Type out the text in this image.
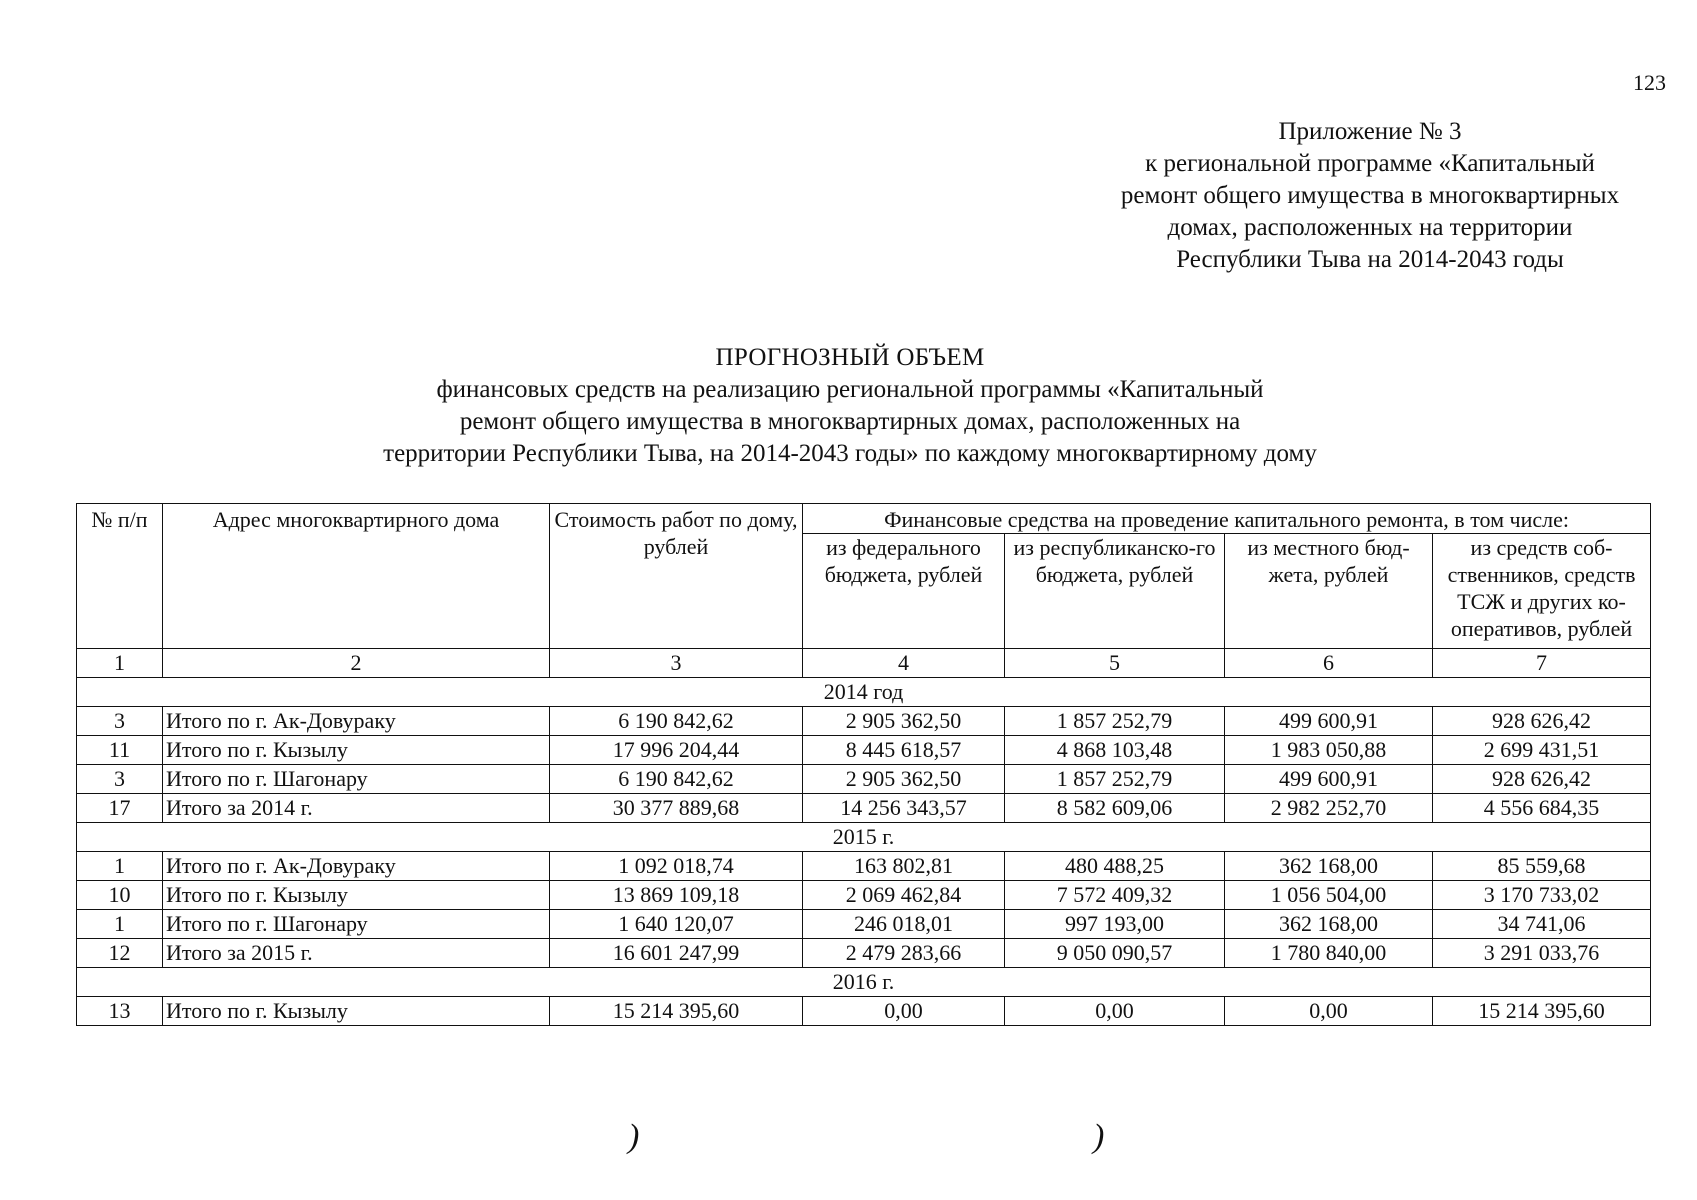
123
Приложение № 3
к региональной программе «Капитальный
ремонт общего имущества в многоквартирных
домах, расположенных на территории
Республики Тыва на 2014-2043 годы
ПРОГНОЗНЫЙ ОБЪЕМ
финансовых средств на реализацию региональной программы «Капитальный
ремонт общего имущества в многоквартирных домах, расположенных на
территории Республики Тыва, на 2014-2043 годы» по каждому многоквартирному дому
№ п/п	Адрес многоквартирного дома	Стоимость работ по дому, рублей	Финансовые средства на проведение капитального ремонта, в том числе:			
			из федерального бюджета, рублей	из республиканско-го бюджета, рублей	из местного бюд-жета, рублей	из средств соб-ственников, средств ТСЖ и других ко-оперативов, рублей
1	2	3	4	5	6	7
2014 год						
3	Итого по г. Ак-Довураку	6 190 842,62	2 905 362,50	1 857 252,79	499 600,91	928 626,42
11	Итого по г. Кызылу	17 996 204,44	8 445 618,57	4 868 103,48	1 983 050,88	2 699 431,51
3	Итого по г. Шагонару	6 190 842,62	2 905 362,50	1 857 252,79	499 600,91	928 626,42
17	Итого за 2014 г.	30 377 889,68	14 256 343,57	8 582 609,06	2 982 252,70	4 556 684,35
2015 г.						
1	Итого по г. Ак-Довураку	1 092 018,74	163 802,81	480 488,25	362 168,00	85 559,68
10	Итого по г. Кызылу	13 869 109,18	2 069 462,84	7 572 409,32	1 056 504,00	3 170 733,02
1	Итого по г. Шагонару	1 640 120,07	246 018,01	997 193,00	362 168,00	34 741,06
12	Итого за 2015 г.	16 601 247,99	2 479 283,66	9 050 090,57	1 780 840,00	3 291 033,76
2016 г.						
13	Итого по г. Кызылу	15 214 395,60	0,00	0,00	0,00	15 214 395,60
)	)
